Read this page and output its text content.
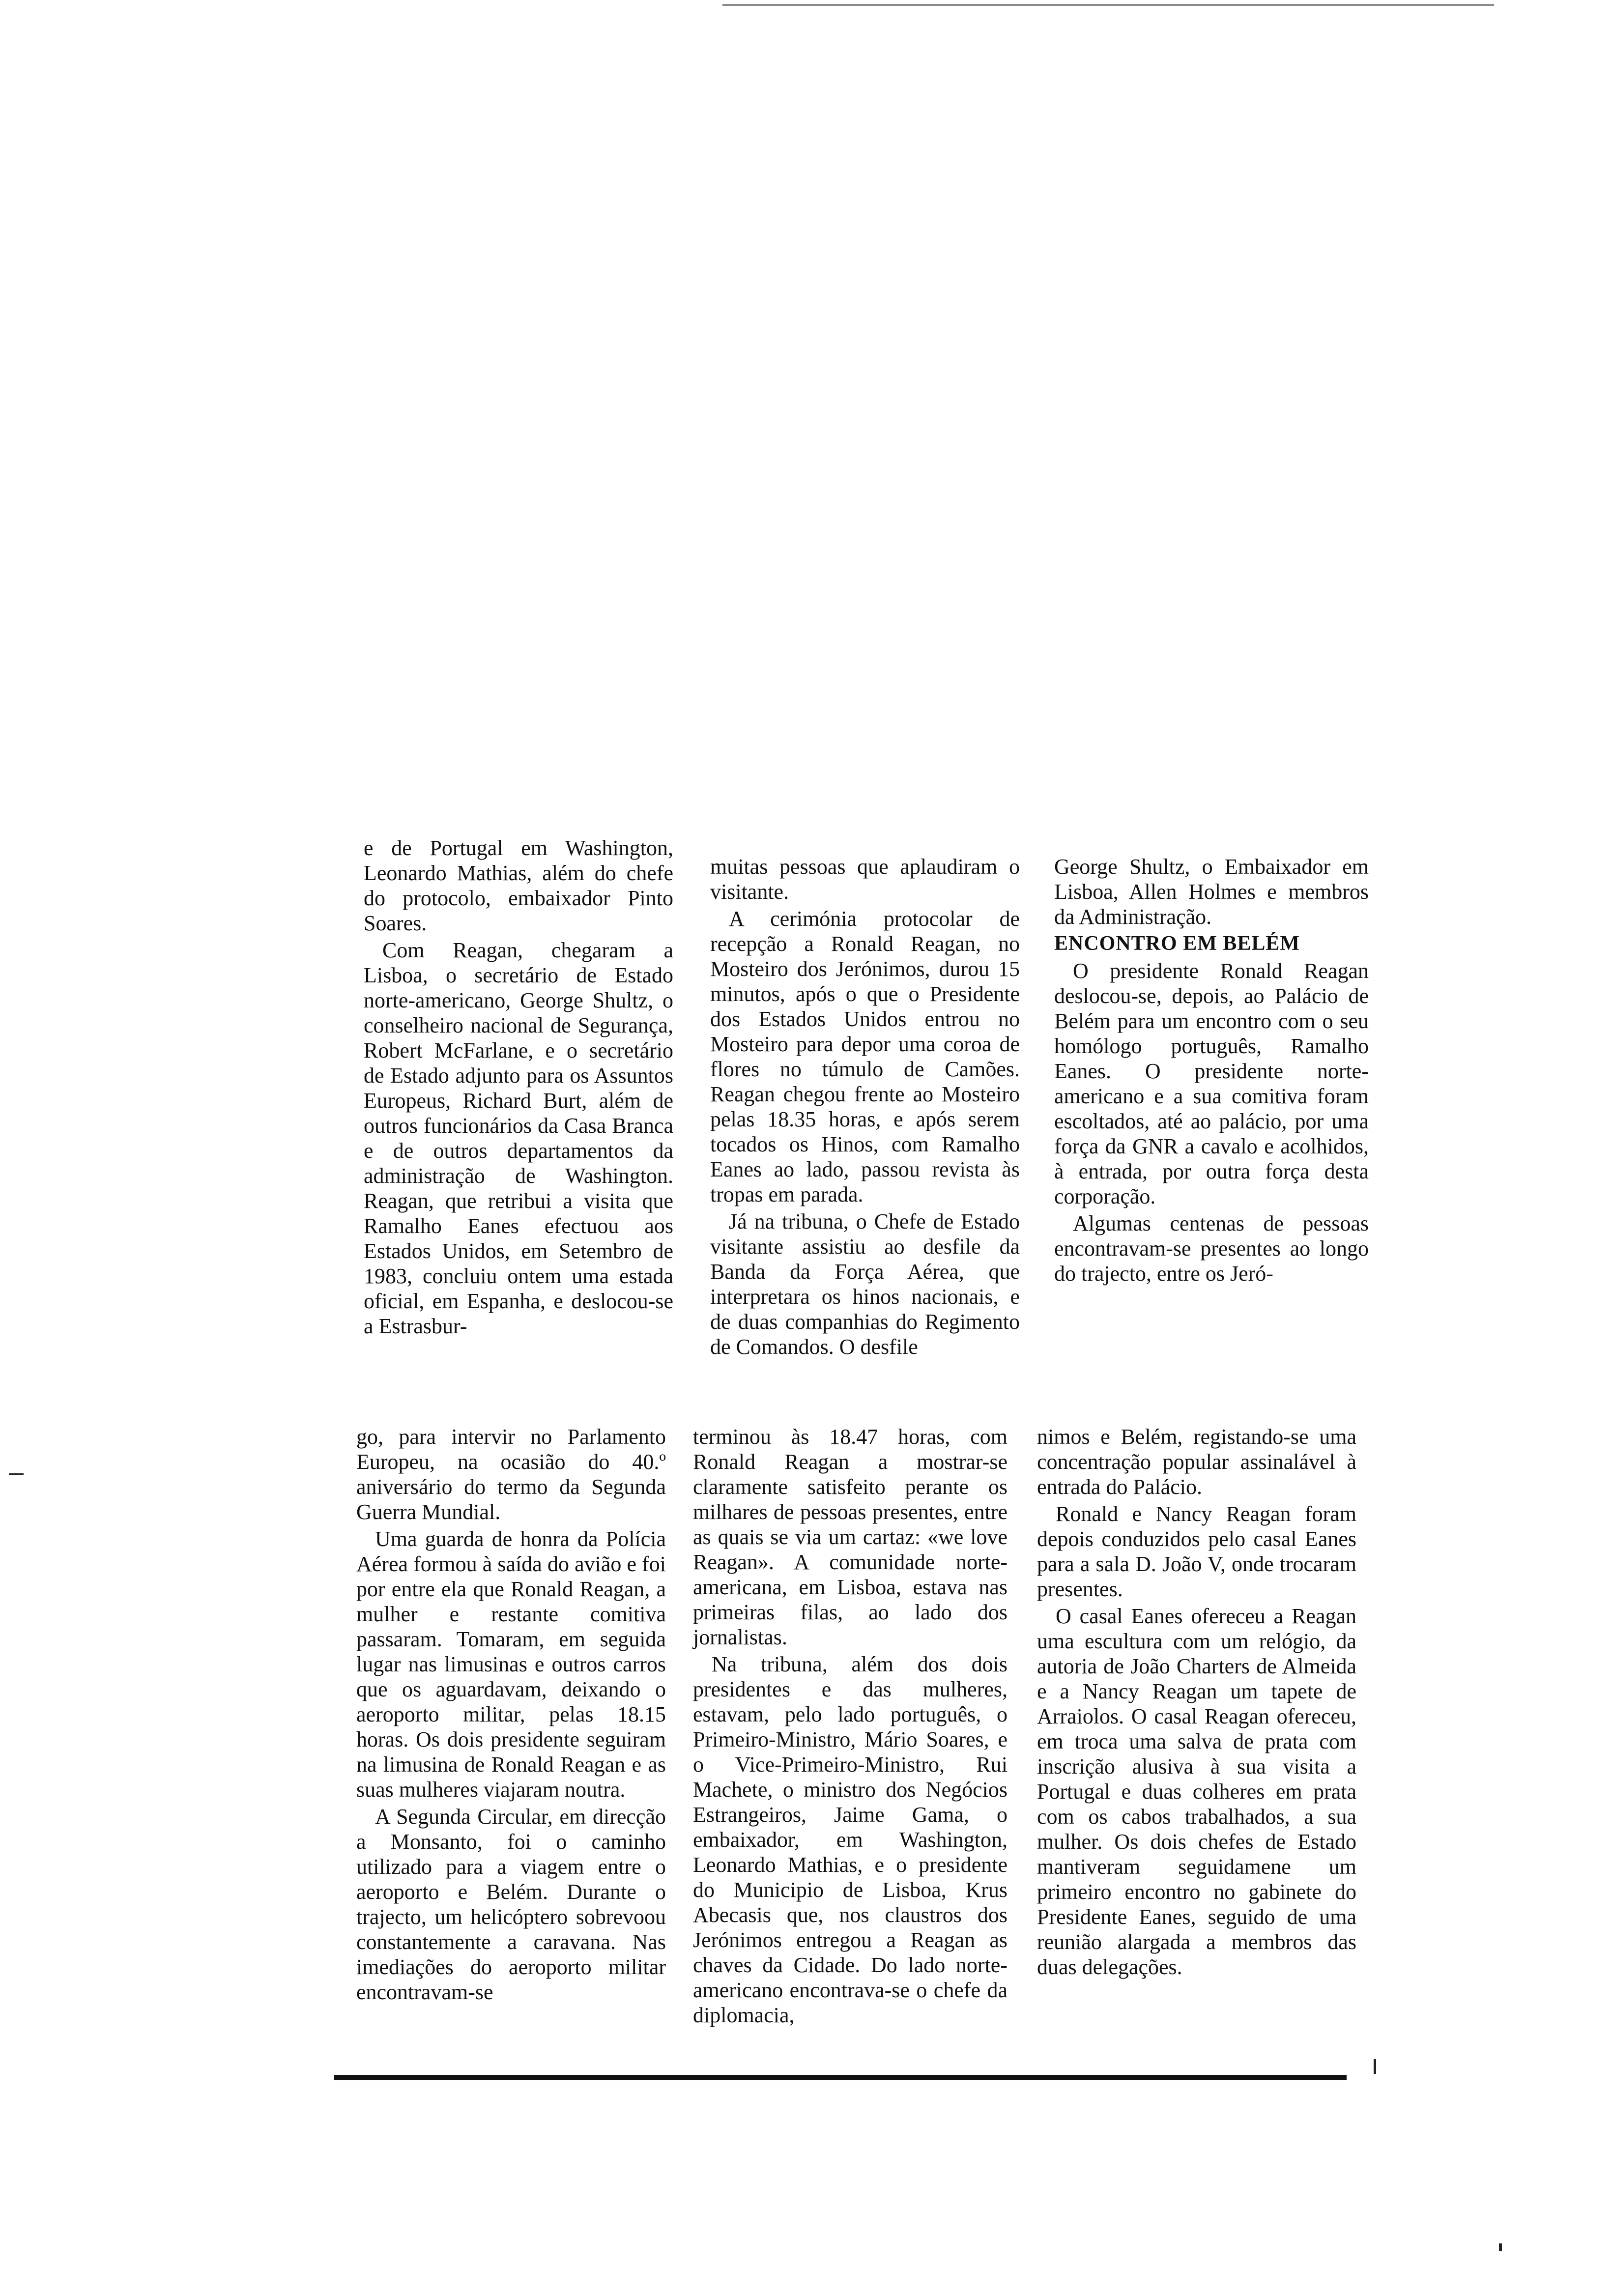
e de Portugal em Washington, Leonardo Mathias, além do chefe do protocolo, embaixador Pinto Soares.

Com Reagan, chegaram a Lisboa, o secretário de Estado norte-americano, George Shultz, o conselheiro nacional de Segurança, Robert McFarlane, e o secretário de Estado adjunto para os Assuntos Europeus, Richard Burt, além de outros funcionários da Casa Branca e de outros departamentos da administração de Washington. Reagan, que retribui a visita que Ramalho Eanes efectuou aos Estados Unidos, em Setembro de 1983, concluiu ontem uma estada oficial, em Espanha, e deslocou-se a Estrasbur-

muitas pessoas que aplaudiram o visitante.

A cerimónia protocolar de recepção a Ronald Reagan, no Mosteiro dos Jerónimos, durou 15 minutos, após o que o Presidente dos Estados Unidos entrou no Mosteiro para depor uma coroa de flores no túmulo de Camões. Reagan chegou frente ao Mosteiro pelas 18.35 horas, e após serem tocados os Hinos, com Ramalho Eanes ao lado, passou revista às tropas em parada.

Já na tribuna, o Chefe de Estado visitante assistiu ao desfile da Banda da Força Aérea, que interpretara os hinos nacionais, e de duas companhias do Regimento de Comandos. O desfile

George Shultz, o Embaixador em Lisboa, Allen Holmes e membros da Administração.

ENCONTRO EM BELÉM

O presidente Ronald Reagan deslocou-se, depois, ao Palácio de Belém para um encontro com o seu homólogo português, Ramalho Eanes. O presidente norte-americano e a sua comitiva foram escoltados, até ao palácio, por uma força da GNR a cavalo e acolhidos, à entrada, por outra força desta corporação.

Algumas centenas de pessoas encontravam-se presentes ao longo do trajecto, entre os Jeró-

go, para intervir no Parlamento Europeu, na ocasião do 40.º aniversário do termo da Segunda Guerra Mundial.

Uma guarda de honra da Polícia Aérea formou à saída do avião e foi por entre ela que Ronald Reagan, a mulher e restante comitiva passaram. Tomaram, em seguida lugar nas limusinas e outros carros que os aguardavam, deixando o aeroporto militar, pelas 18.15 horas. Os dois presidente seguiram na limusina de Ronald Reagan e as suas mulheres viajaram noutra.

A Segunda Circular, em direcção a Monsanto, foi o caminho utilizado para a viagem entre o aeroporto e Belém. Durante o trajecto, um helicóptero sobrevoou constantemente a caravana. Nas imediações do aeroporto militar encontravam-se

terminou às 18.47 horas, com Ronald Reagan a mostrar-se claramente satisfeito perante os milhares de pessoas presentes, entre as quais se via um cartaz: «we love Reagan». A comunidade norte-americana, em Lisboa, estava nas primeiras filas, ao lado dos jornalistas.

Na tribuna, além dos dois presidentes e das mulheres, estavam, pelo lado português, o Primeiro-Ministro, Mário Soares, e o Vice-Primeiro-Ministro, Rui Machete, o ministro dos Negócios Estrangeiros, Jaime Gama, o embaixador, em Washington, Leonardo Mathias, e o presidente do Municipio de Lisboa, Krus Abecasis que, nos claustros dos Jerónimos entregou a Reagan as chaves da Cidade. Do lado norte-americano encontrava-se o chefe da diplomacia,

nimos e Belém, registando-se uma concentração popular assinalável à entrada do Palácio.

Ronald e Nancy Reagan foram depois conduzidos pelo casal Eanes para a sala D. João V, onde trocaram presentes.

O casal Eanes ofereceu a Reagan uma escultura com um relógio, da autoria de João Charters de Almeida e a Nancy Reagan um tapete de Arraiolos. O casal Reagan ofereceu, em troca uma salva de prata com inscrição alusiva à sua visita a Portugal e duas colheres em prata com os cabos trabalhados, a sua mulher. Os dois chefes de Estado mantiveram seguidamene um primeiro encontro no gabinete do Presidente Eanes, seguido de uma reunião alargada a membros das duas delegações.
